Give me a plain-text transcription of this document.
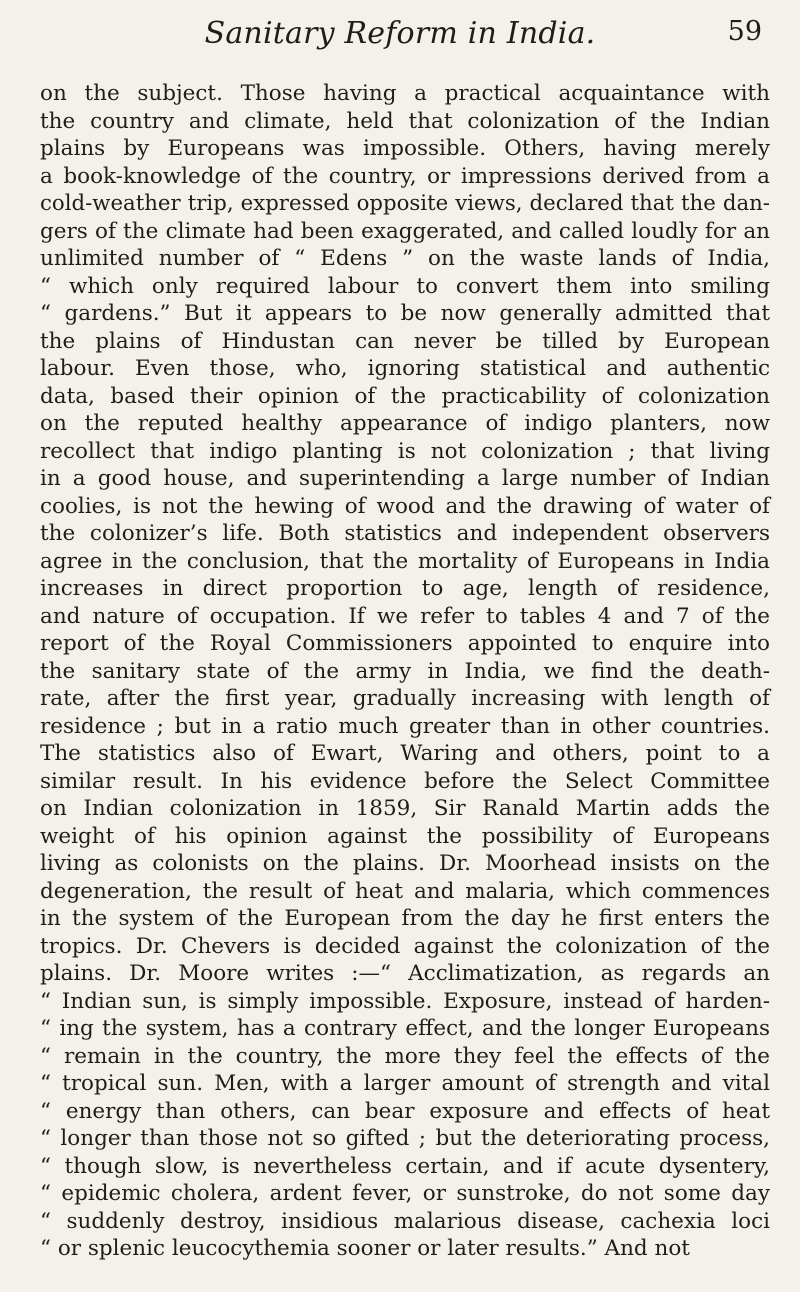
Sanitary Reform in India.	59
on the subject. Those having a practical acquaintance with
the country and climate, held that colonization of the Indian
plains by Europeans was impossible. Others, having merely
a book-knowledge of the country, or impressions derived from a
cold-weather trip, expressed opposite views, declared that the dan-
gers of the climate had been exaggerated, and called loudly for an
unlimited number of “ Edens ” on the waste lands of India,
“ which only required labour to convert them into smiling
“ gardens.” But it appears to be now generally admitted that
the plains of Hindustan can never be tilled by European
labour. Even those, who, ignoring statistical and authentic
data, based their opinion of the practicability of colonization
on the reputed healthy appearance of indigo planters, now
recollect that indigo planting is not colonization ; that living
in a good house, and superintending a large number of Indian
coolies, is not the hewing of wood and the drawing of water of
the colonizer’s life. Both statistics and independent observers
agree in the conclusion, that the mortality of Europeans in India
increases in direct proportion to age, length of residence,
and nature of occupation. If we refer to tables 4 and 7 of the
report of the Royal Commissioners appointed to enquire into
the sanitary state of the army in India, we find the death-
rate, after the first year, gradually increasing with length of
residence ; but in a ratio much greater than in other countries.
The statistics also of Ewart, Waring and others, point to a
similar result. In his evidence before the Select Committee
on Indian colonization in 1859, Sir Ranald Martin adds the
weight of his opinion against the possibility of Europeans
living as colonists on the plains. Dr. Moorhead insists on the
degeneration, the result of heat and malaria, which commences
in the system of the European from the day he first enters the
tropics. Dr. Chevers is decided against the colonization of the
plains. Dr. Moore writes :—“ Acclimatization, as regards an
“ Indian sun, is simply impossible. Exposure, instead of harden-
“ ing the system, has a contrary effect, and the longer Europeans
“ remain in the country, the more they feel the effects of the
“ tropical sun. Men, with a larger amount of strength and vital
“ energy than others, can bear exposure and effects of heat
“ longer than those not so gifted ; but the deteriorating process,
“ though slow, is nevertheless certain, and if acute dysentery,
“ epidemic cholera, ardent fever, or sunstroke, do not some day
“ suddenly destroy, insidious malarious disease, cachexia loci
“ or splenic leucocythemia sooner or later results.” And not
